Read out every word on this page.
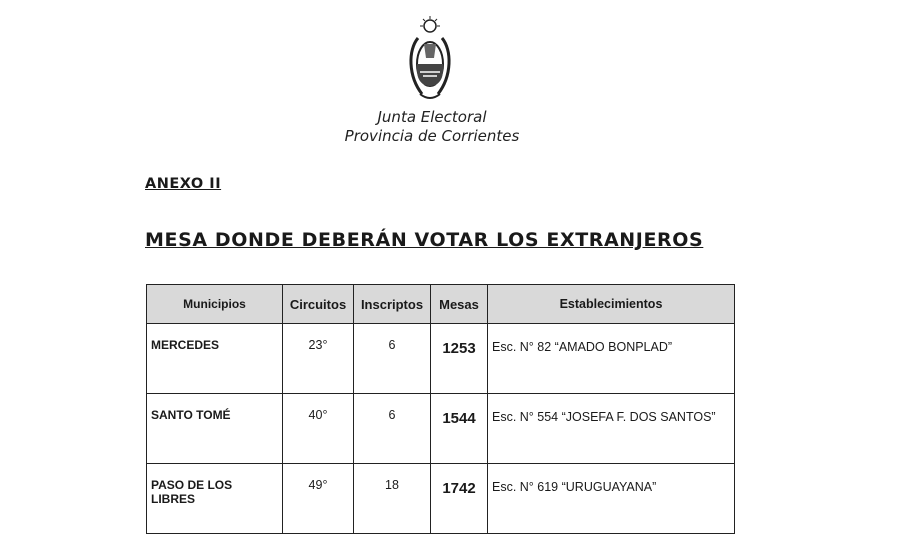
Junta Electoral
Provincia de Corrientes
ANEXO II
MESA DONDE DEBERÁN VOTAR LOS EXTRANJEROS
Municipios	Circuitos	Inscriptos	Mesas	Establecimientos
MERCEDES	23°	6	1253	Esc. N° 82 “AMADO BONPLAD”
SANTO TOMÉ	40°	6	1544	Esc. N° 554 “JOSEFA F. DOS SANTOS”
PASO DE LOS LIBRES	49°	18	1742	Esc. N° 619 “URUGUAYANA”
